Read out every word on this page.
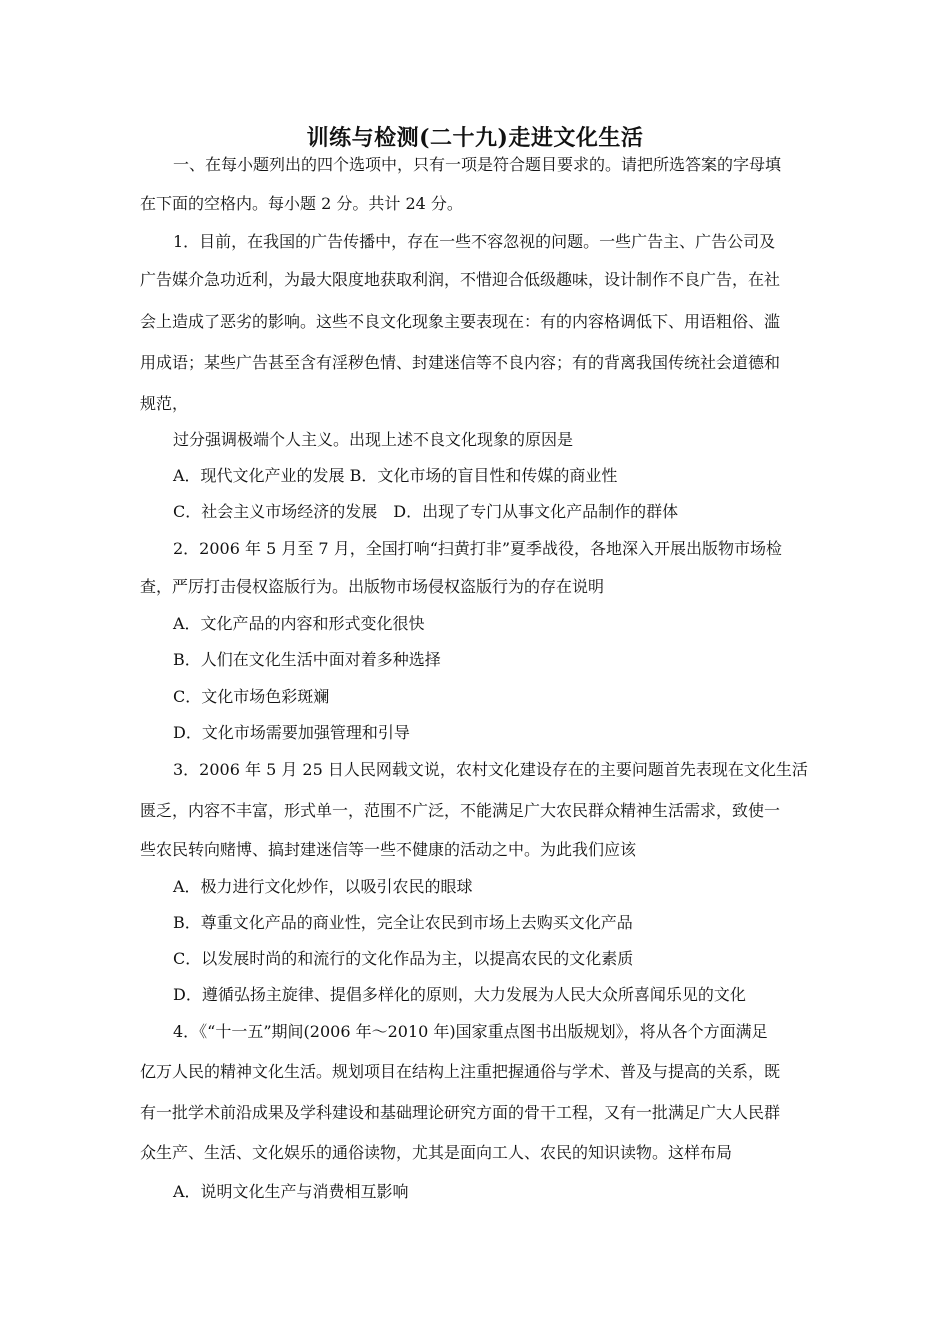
训练与检测(二十九)走进文化生活
一、在每小题列出的四个选项中，只有一项是符合题目要求的。请把所选答案的字母填
在下面的空格内。每小题 2 分。共计 24 分。
1．目前，在我国的广告传播中，存在一些不容忽视的问题。一些广告主、广告公司及
广告媒介急功近利，为最大限度地获取利润，不惜迎合低级趣味，设计制作不良广告，在社
会上造成了恶劣的影响。这些不良文化现象主要表现在：有的内容格调低下、用语粗俗、滥
用成语；某些广告甚至含有淫秽色情、封建迷信等不良内容；有的背离我国传统社会道德和
规范，
过分强调极端个人主义。出现上述不良文化现象的原因是
A．现代文化产业的发展 B．文化市场的盲目性和传媒的商业性
C．社会主义市场经济的发展　D．出现了专门从事文化产品制作的群体
2．2006 年 5 月至 7 月，全国打响“扫黄打非”夏季战役，各地深入开展出版物市场检
查，严厉打击侵权盗版行为。出版物市场侵权盗版行为的存在说明
A．文化产品的内容和形式变化很快
B．人们在文化生活中面对着多种选择
C．文化市场色彩斑斓
D．文化市场需要加强管理和引导
3．2006 年 5 月 25 日人民网载文说，农村文化建设存在的主要问题首先表现在文化生活
匮乏，内容不丰富，形式单一，范围不广泛，不能满足广大农民群众精神生活需求，致使一
些农民转向赌博、搞封建迷信等一些不健康的活动之中。为此我们应该
A．极力进行文化炒作，以吸引农民的眼球
B．尊重文化产品的商业性，完全让农民到市场上去购买文化产品
C．以发展时尚的和流行的文化作品为主，以提高农民的文化素质
D．遵循弘扬主旋律、提倡多样化的原则，大力发展为人民大众所喜闻乐见的文化
4．《“十一五”期间(2006 年～2010 年)国家重点图书出版规划》，将从各个方面满足
亿万人民的精神文化生活。规划项目在结构上注重把握通俗与学术、普及与提高的关系，既
有一批学术前沿成果及学科建设和基础理论研究方面的骨干工程，又有一批满足广大人民群
众生产、生活、文化娱乐的通俗读物，尤其是面向工人、农民的知识读物。这样布局
A．说明文化生产与消费相互影响
